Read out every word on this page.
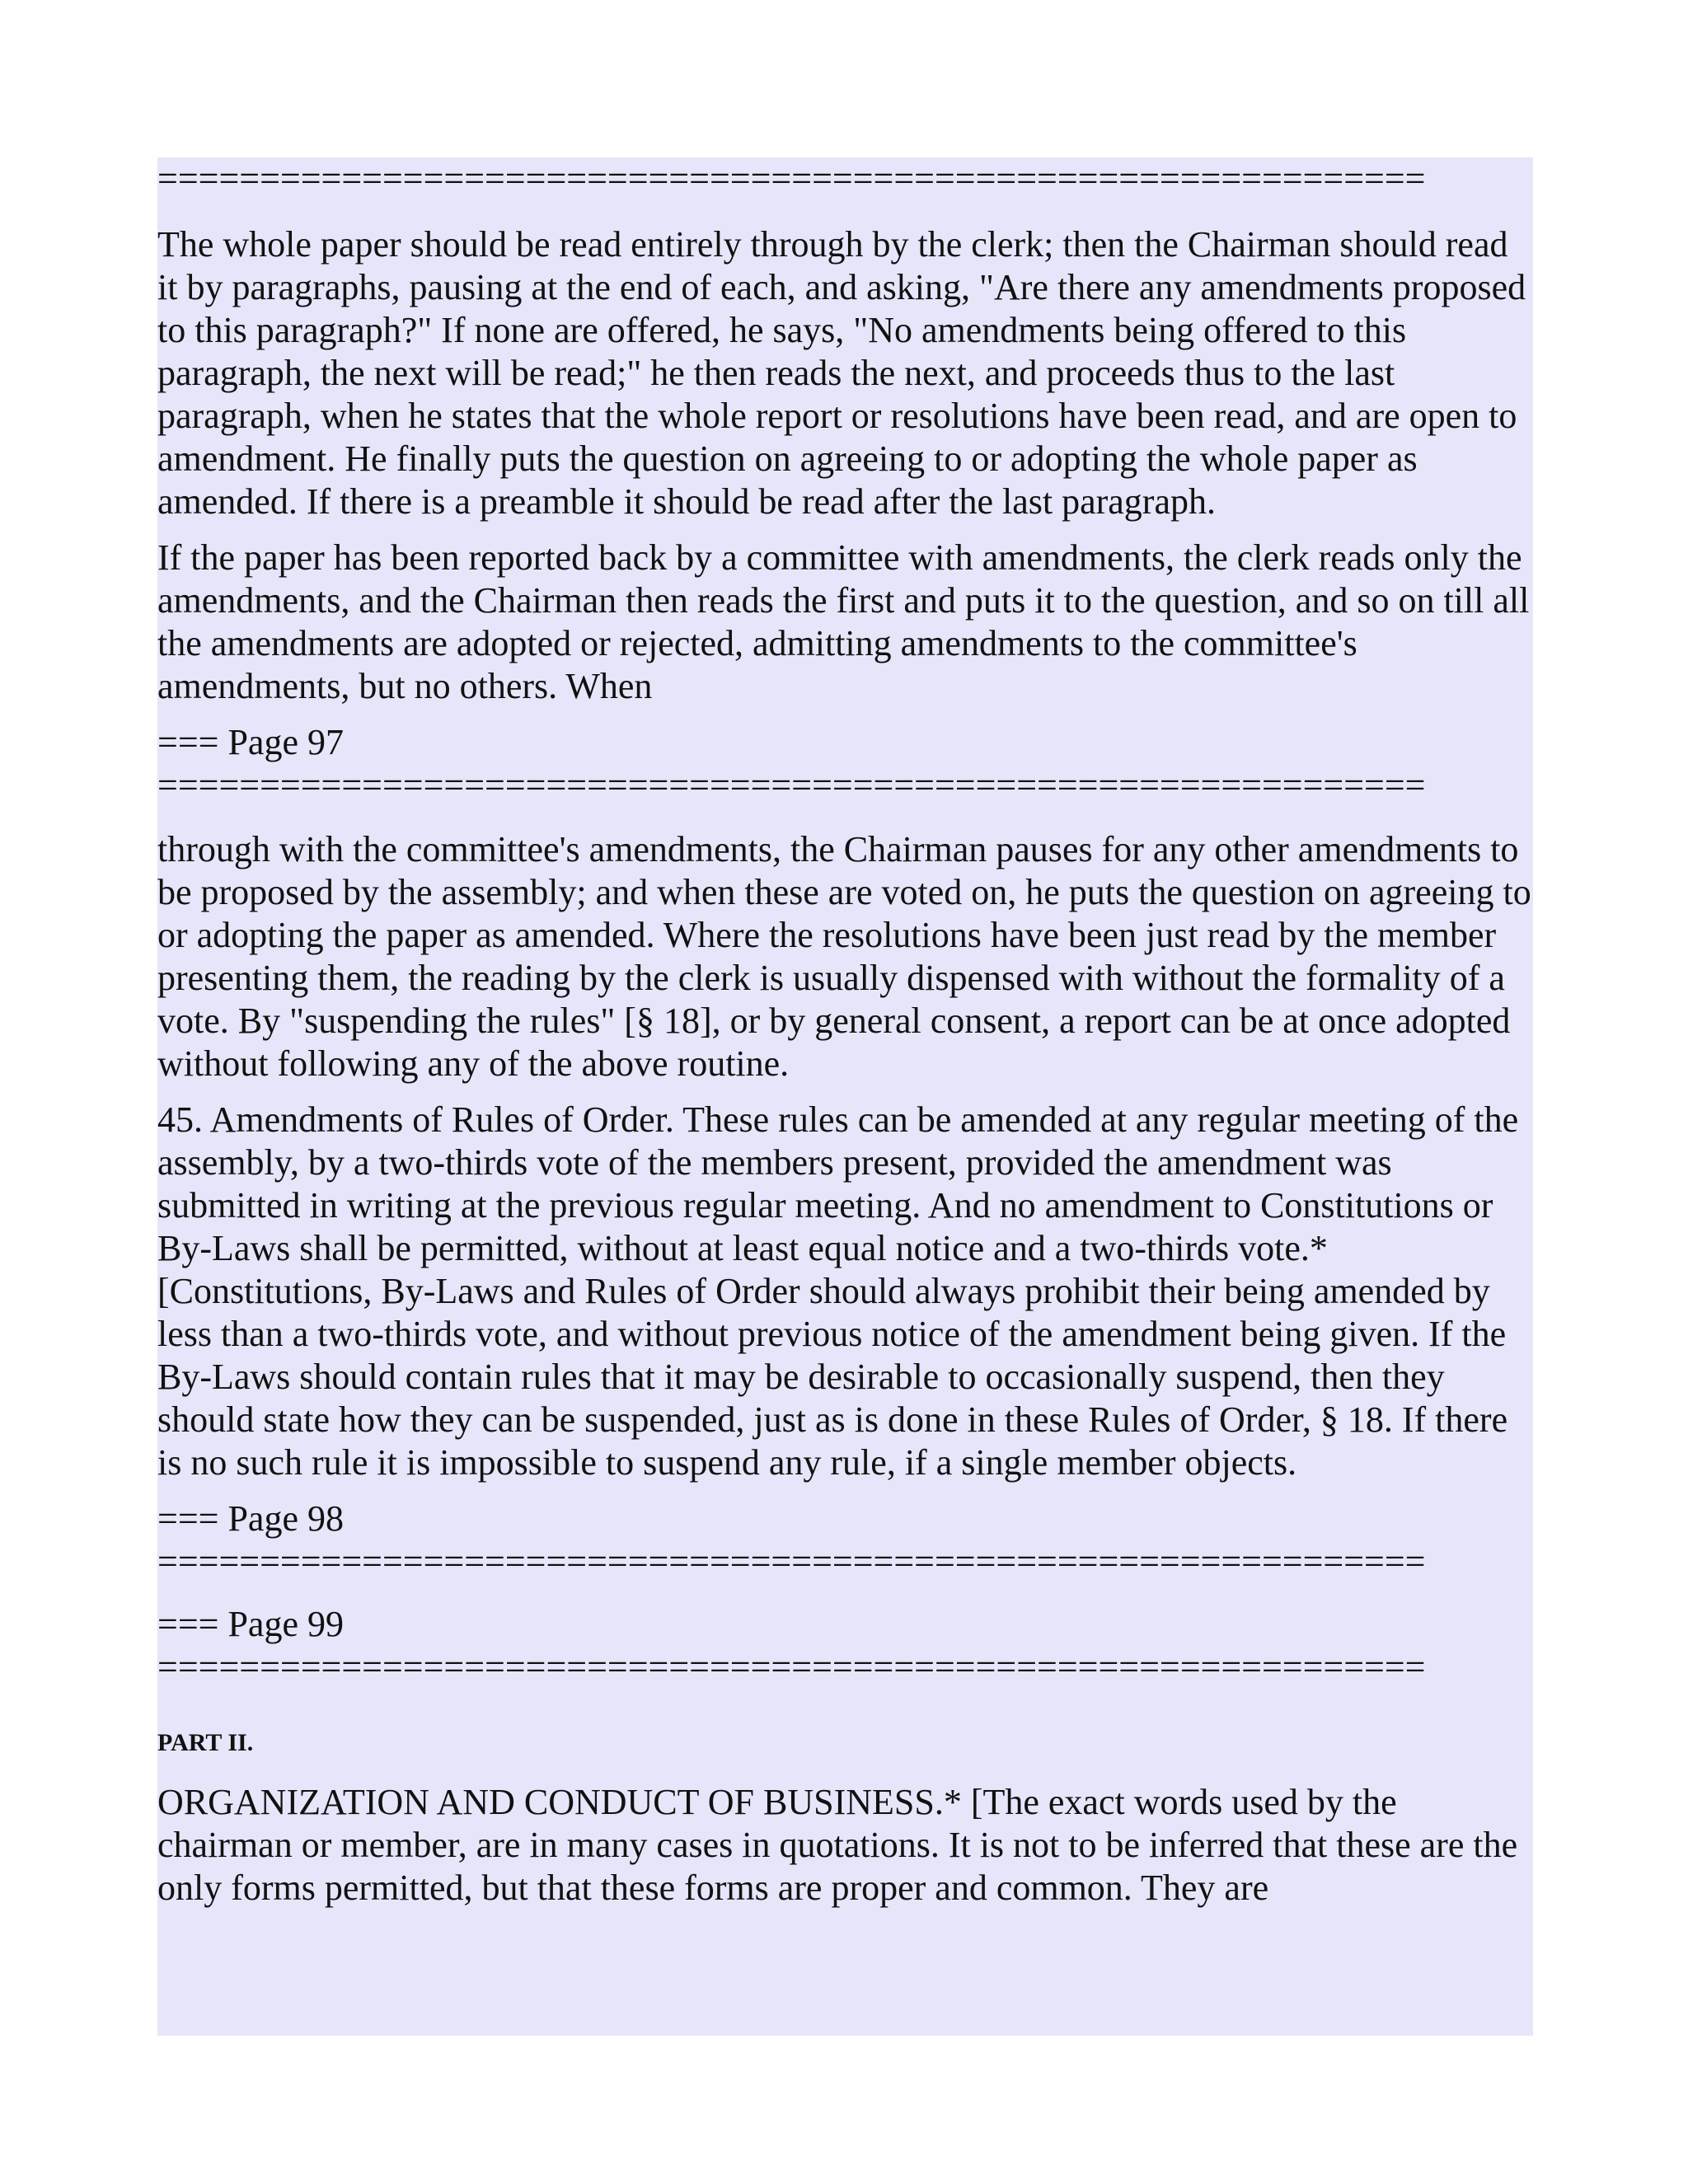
==============================================================

The whole paper should be read entirely through by the clerk; then the Chairman should read it by paragraphs, pausing at the end of each, and asking, "Are there any amendments proposed to this paragraph?" If none are offered, he says, "No amendments being offered to this paragraph, the next will be read;" he then reads the next, and proceeds thus to the last paragraph, when he states that the whole report or resolutions have been read, and are open to amendment. He finally puts the question on agreeing to or adopting the whole paper as amended. If there is a preamble it should be read after the last paragraph.

If the paper has been reported back by a committee with amendments, the clerk reads only the amendments, and the Chairman then reads the first and puts it to the question, and so on till all the amendments are adopted or rejected, admitting amendments to the committee's amendments, but no others. When

=== Page 97
==============================================================

through with the committee's amendments, the Chairman pauses for any other amendments to be proposed by the assembly; and when these are voted on, he puts the question on agreeing to or adopting the paper as amended. Where the resolutions have been just read by the member presenting them, the reading by the clerk is usually dispensed with without the formality of a vote. By "suspending the rules" [§ 18], or by general consent, a report can be at once adopted without following any of the above routine.

45. Amendments of Rules of Order. These rules can be amended at any regular meeting of the assembly, by a two-thirds vote of the members present, provided the amendment was submitted in writing at the previous regular meeting. And no amendment to Constitutions or By-Laws shall be permitted, without at least equal notice and a two-thirds vote.* [Constitutions, By-Laws and Rules of Order should always prohibit their being amended by less than a two-thirds vote, and without previous notice of the amendment being given. If the By-Laws should contain rules that it may be desirable to occasionally suspend, then they should state how they can be suspended, just as is done in these Rules of Order, § 18. If there is no such rule it is impossible to suspend any rule, if a single member objects.

=== Page 98
==============================================================
=== Page 99
==============================================================
PART II.

ORGANIZATION AND CONDUCT OF BUSINESS.* [The exact words used by the chairman or member, are in many cases in quotations. It is not to be inferred that these are the only forms permitted, but that these forms are proper and common. They are
